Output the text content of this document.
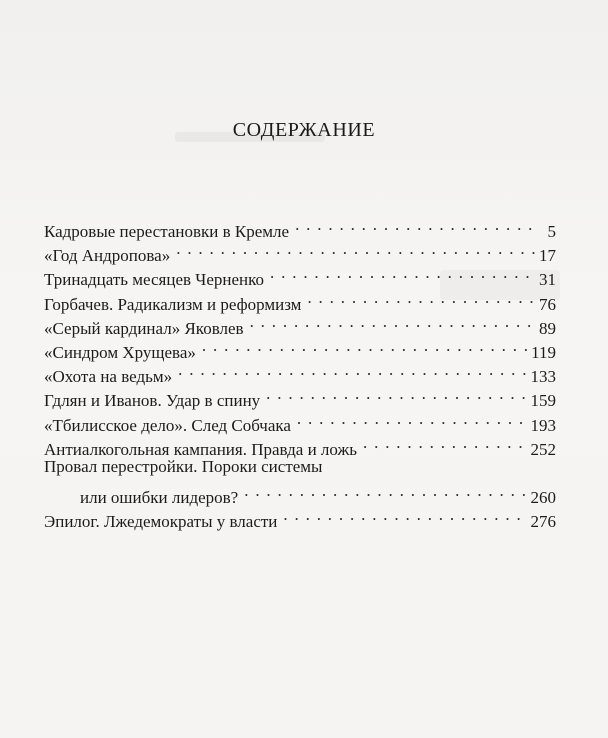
СОДЕРЖАНИЕ
Кадровые перестановки в Кремле . . .	5
«Год Андропова» . . .	17
Тринадцать месяцев Черненко . . .	31
Горбачев. Радикализм и реформизм . . .	76
«Серый кардинал» Яковлев . . .	89
«Синдром Хрущева» . . .	119
«Охота на ведьм» . . .	133
Гдлян и Иванов. Удар в спину . . .	159
«Тбилисское дело». След Собчака . . .	193
Антиалкогольная кампания. Правда и ложь . . .	252
Провал перестройки. Пороки системы
или ошибки лидеров? . . .	260
Эпилог. Лжедемократы у власти . . .	276
